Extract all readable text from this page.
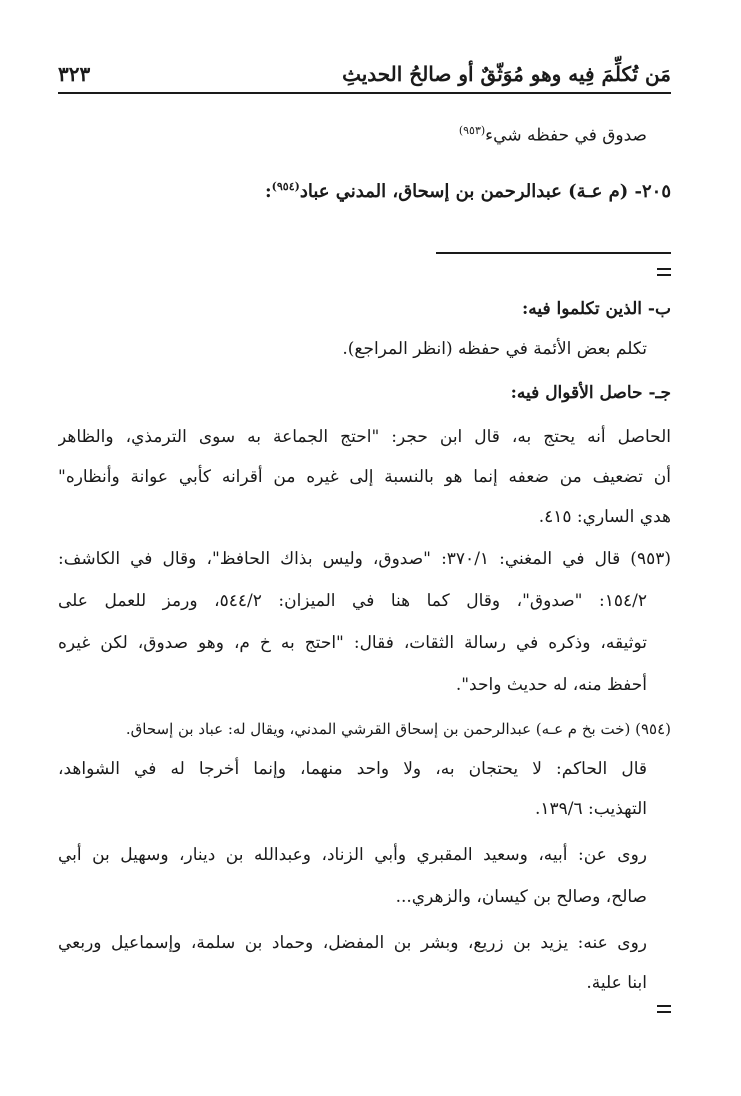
مَن تُكلِّمَ فِيه وهو مُوَثّقٌ أو صالحُ الحديثِ
٣٢٣
صدوق في حفظه شيء$^{(٩٥٣)}$
٢٠٥- (م عـة) عبدالرحمن بن إسحاق، المدني عباد$^{(٩٥٤)}$:
ب- الذين تكلموا فيه:
تكلم بعض الأئمة في حفظه (انظر المراجع).
جـ- حاصل الأقوال فيه:
الحاصل أنه يحتج به، قال ابن حجر: "احتج الجماعة به سوى الترمذي، والظاهر
أن تضعيف من ضعفه إنما هو بالنسبة إلى غيره من أقرانه كأبي عوانة وأنظاره"
هدي الساري: ٤١٥.
(٩٥٣) قال في المغني: ٣٧٠/١: "صدوق، وليس بذاك الحافظ"، وقال في الكاشف:
١٥٤/٢: "صدوق"، وقال كما هنا في الميزان: ٥٤٤/٢، ورمز للعمل على
توثيقه، وذكره في رسالة الثقات، فقال: "احتج به خ م، وهو صدوق، لكن غيره
أحفظ منه، له حديث واحد".
(٩٥٤) (خت بخ م عـه) عبدالرحمن بن إسحاق القرشي المدني، ويقال له: عباد بن إسحاق.
قال الحاكم: لا يحتجان به، ولا واحد منهما، وإنما أخرجا له في الشواهد،
التهذيب: ١٣٩/٦.
روى عن: أبيه، وسعيد المقبري وأبي الزناد، وعبدالله بن دينار، وسهيل بن أبي
صالح، وصالح بن كيسان، والزهري...
روى عنه: يزيد بن زريع، وبشر بن المفضل، وحماد بن سلمة، وإسماعيل وربعي
ابنا علية.
